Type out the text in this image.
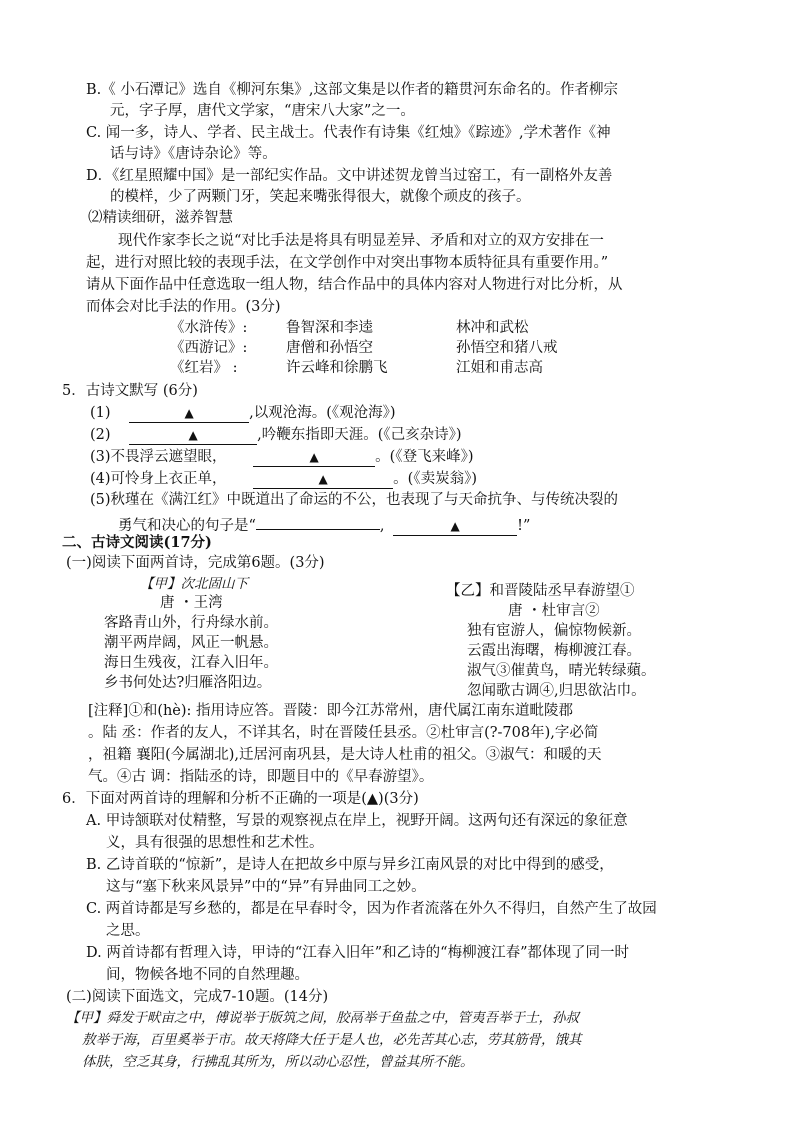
B.《 小石潭记》选自《柳河东集》,这部文集是以作者的籍贯河东命名的。作者柳宗
元，字子厚，唐代文学家，“唐宋八大家”之一。
C. 闻一多，诗人、学者、民主战士。代表作有诗集《红烛》《踪迹》,学术著作《神
话与诗》《唐诗杂论》等。
D．《红星照耀中国》是一部纪实作品。文中讲述贺龙曾当过窑工，有一副格外友善
的模样，少了两颗门牙，笑起来嘴张得很大，就像个顽皮的孩子。
⑵精读细研，滋养智慧
现代作家李长之说“对比手法是将具有明显差异、矛盾和对立的双方安排在一
起，进行对照比较的表现手法，在文学创作中对突出事物本质特征具有重要作用。”
请从下面作品中任意选取一组人物，结合作品中的具体内容对人物进行对比分析，从
而体会对比手法的作用。(3分)
《水浒传》:	鲁智深和李逵	林冲和武松
《西游记》:	唐僧和孙悟空	孙悟空和猪八戒
《红岩》 :	许云峰和徐鹏飞	江姐和甫志高
5．古诗文默写 (6分)
(1)	▲	,以观沧海。(《观沧海》)
(2)	▲	,吟鞭东指即天涯。(《己亥杂诗》)
(3)不畏浮云遮望眼，	▲	。(《登飞来峰》)
(4)可怜身上衣正单，	▲	。(《卖炭翁》)
(5)秋瑾在《满江红》中既道出了命运的不公，也表现了与天命抗争、与传统决裂的
勇气和决心的句子是“	,	▲	!”
二、古诗文阅读(17分)
(一)阅读下面两首诗，完成第6题。(3分)
【甲】次北固山下
唐 ・王湾
客路青山外，行舟绿水前。
潮平两岸阔，风正一帆悬。
海日生残夜，江春入旧年。
乡书何处达?归雁洛阳边。
【乙】和晋陵陆丞早春游望①
唐 ・杜审言②
独有宦游人，偏惊物候新。
云霞出海曙，梅柳渡江春。
淑气③催黄鸟，晴光转绿蘋。
忽闻歌古调④,归思欲沾巾。
[注释]①和(hè): 指用诗应答。晋陵：即今江苏常州，唐代属江南东道毗陵郡
。陆 丞：作者的友人，不详其名，时在晋陵任县丞。②杜审言(?-708年),字必简
，祖籍 襄阳(今属湖北),迁居河南巩县，是大诗人杜甫的祖父。③淑气：和暖的天
气。④古 调：指陆丞的诗，即题目中的《早春游望》。
6．下面对两首诗的理解和分析不正确的一项是(▲)(3分)
A. 甲诗颔联对仗精整，写景的观察视点在岸上，视野开阔。这两句还有深远的象征意
义，具有很强的思想性和艺术性。
B. 乙诗首联的“惊新”，是诗人在把故乡中原与异乡江南风景的对比中得到的感受，
这与“塞下秋来风景异”中的“异”有异曲同工之妙。
C. 两首诗都是写乡愁的，都是在早春时令，因为作者流落在外久不得归，自然产生了故园
之思。
D. 两首诗都有哲理入诗，甲诗的“江春入旧年”和乙诗的“梅柳渡江春”都体现了同一时
间，物候各地不同的自然理趣。
(二)阅读下面选文，完成7-10题。(14分)
【甲】舜发于畎亩之中，傅说举于版筑之间，胶鬲举于鱼盐之中，管夷吾举于士，孙叔
敖举于海，百里奚举于市。故天将降大任于是人也，必先苦其心志，劳其筋骨，饿其
体肤，空乏其身，行拂乱其所为，所以动心忍性，曾益其所不能。
